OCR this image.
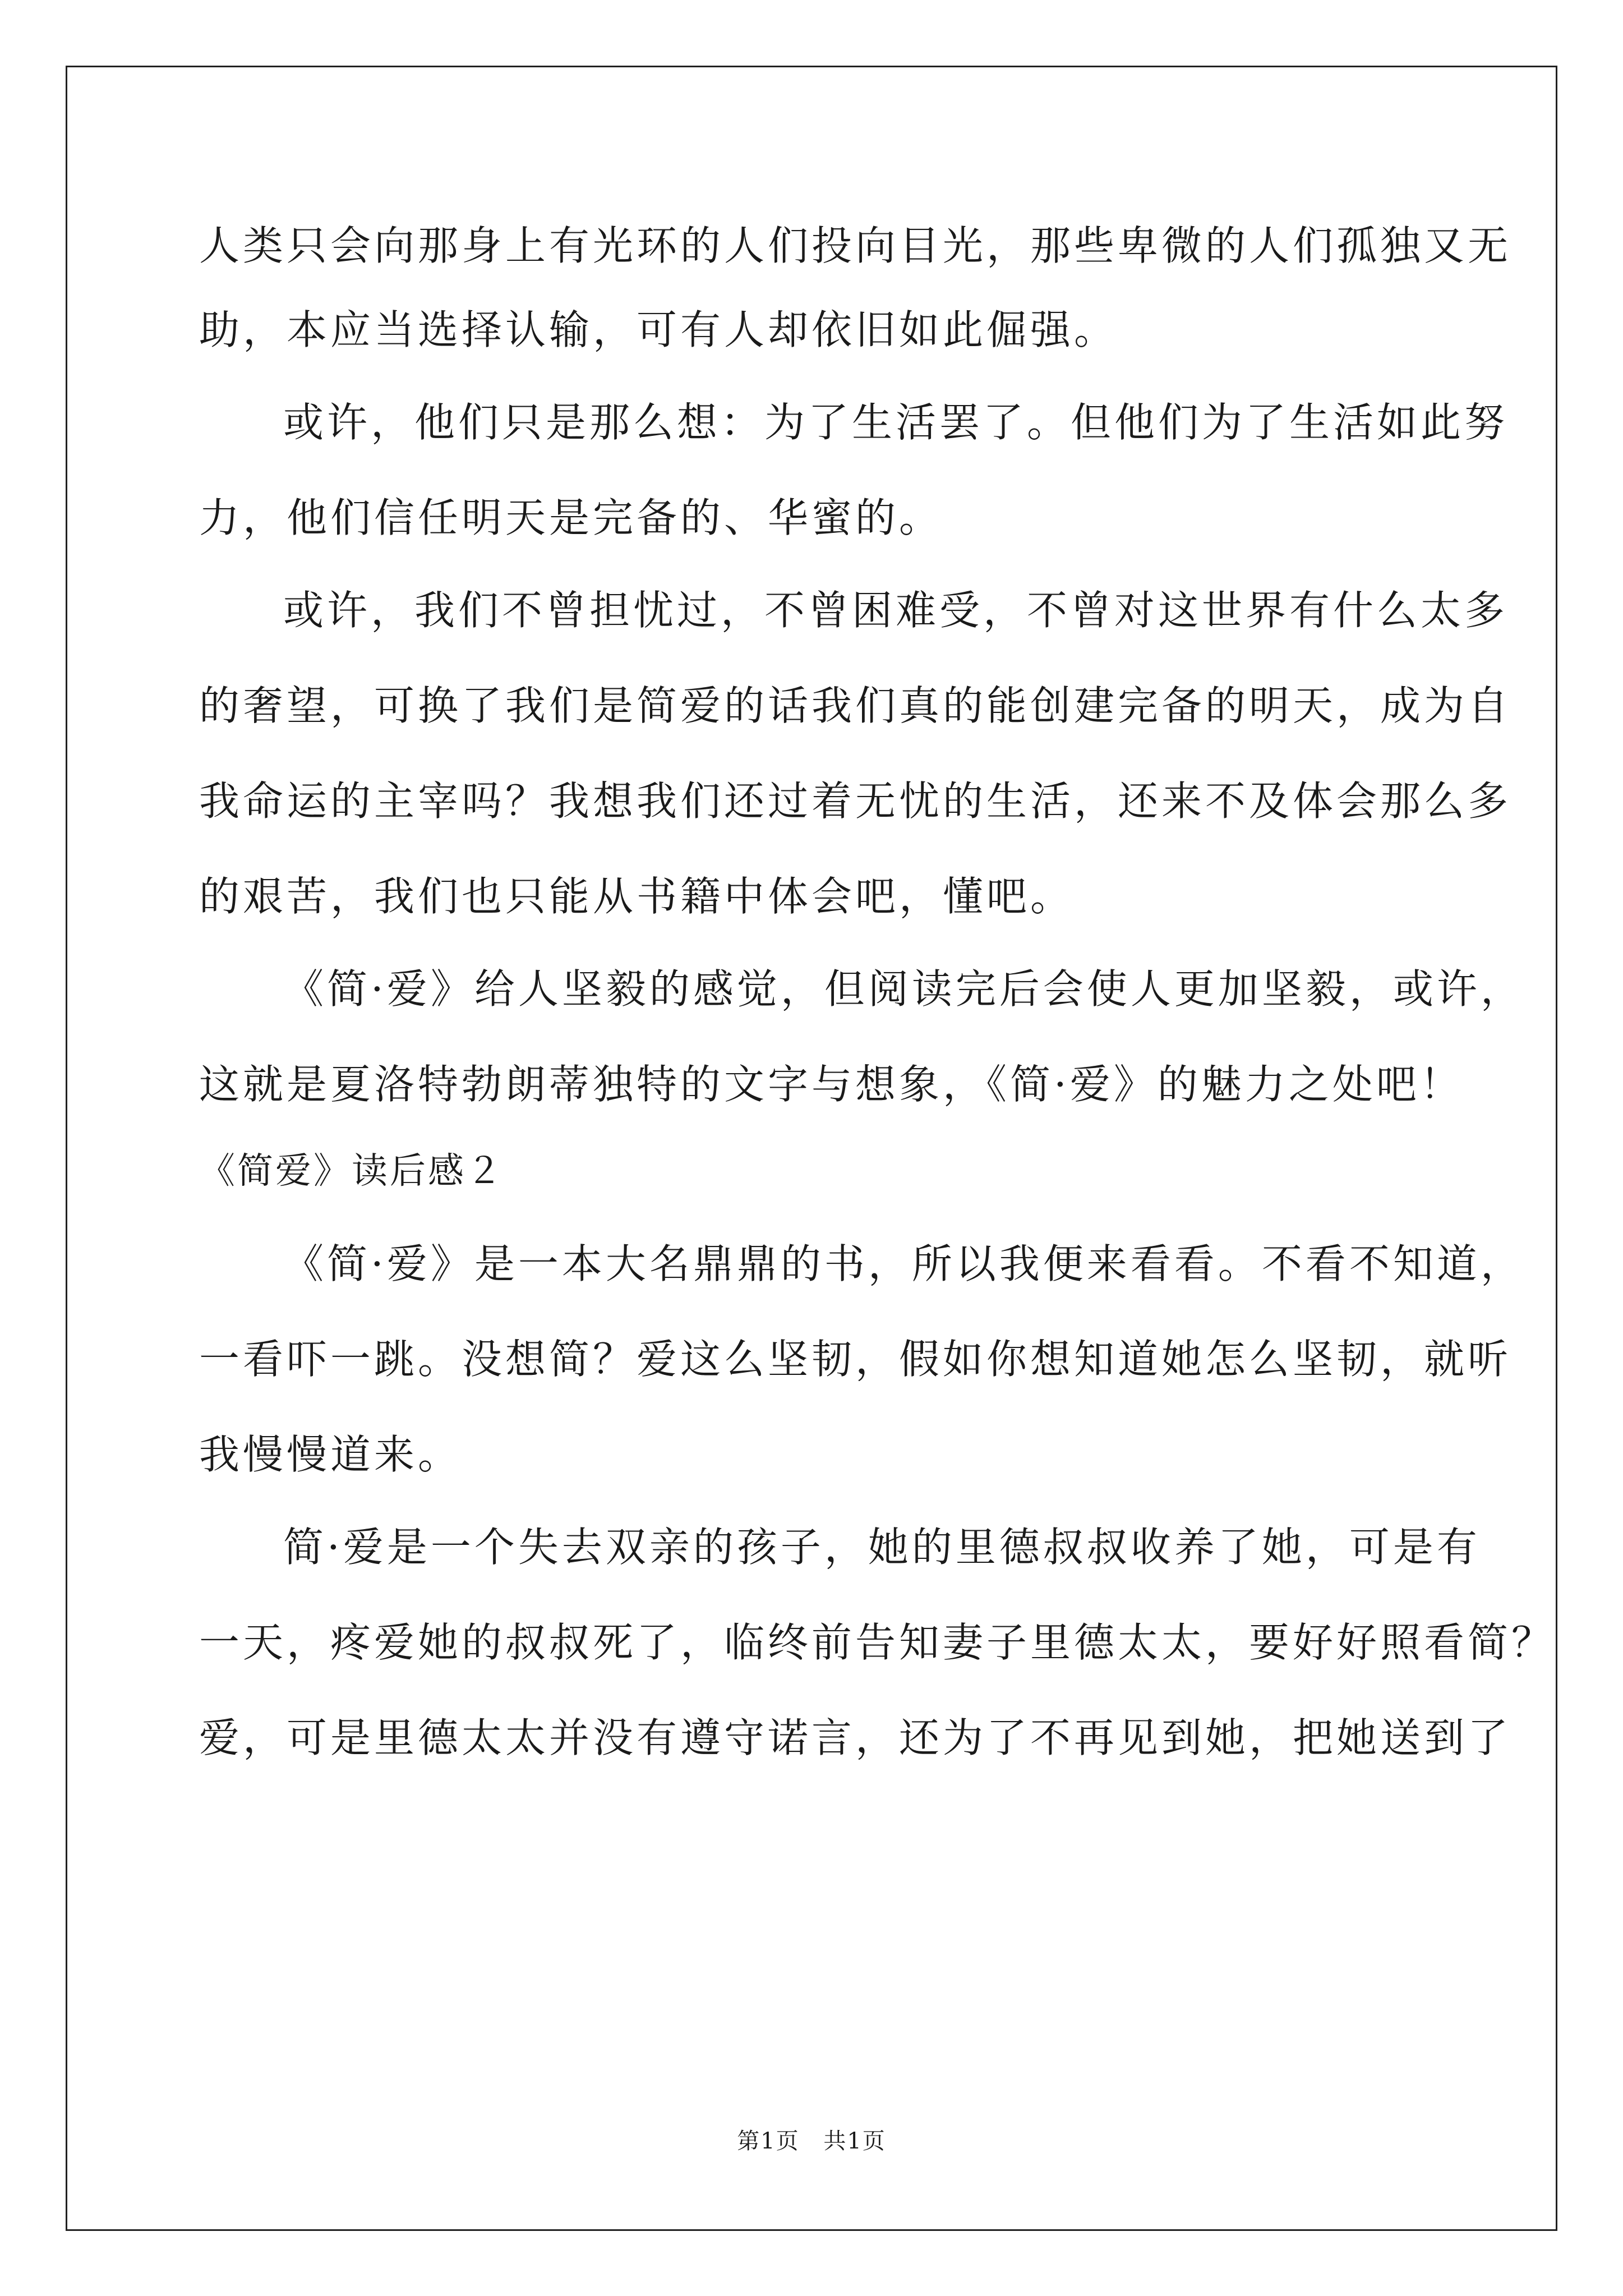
人类只会向那身上有光环的人们投向目光，那些卑微的人们孤独又无

助，本应当选择认输，可有人却依旧如此倔强。

或许，他们只是那么想：为了生活罢了。但他们为了生活如此努

力，他们信任明天是完备的、华蜜的。

或许，我们不曾担忧过，不曾困难受，不曾对这世界有什么太多

的奢望，可换了我们是简爱的话我们真的能创建完备的明天，成为自

我命运的主宰吗？我想我们还过着无忧的生活，还来不及体会那么多

的艰苦，我们也只能从书籍中体会吧，懂吧。

《简·爱》给人坚毅的感觉，但阅读完后会使人更加坚毅，或许，

这就是夏洛特勃朗蒂独特的文字与想象，《简·爱》的魅力之处吧！

《简爱》读后感２

《简·爱》是一本大名鼎鼎的书，所以我便来看看。不看不知道，

一看吓一跳。没想简？爱这么坚韧，假如你想知道她怎么坚韧，就听

我慢慢道来。

简·爱是一个失去双亲的孩子，她的里德叔叔收养了她，可是有

一天，疼爱她的叔叔死了，临终前告知妻子里德太太，要好好照看简？

爱，可是里德太太并没有遵守诺言，还为了不再见到她，把她送到了

第1页 共1页
